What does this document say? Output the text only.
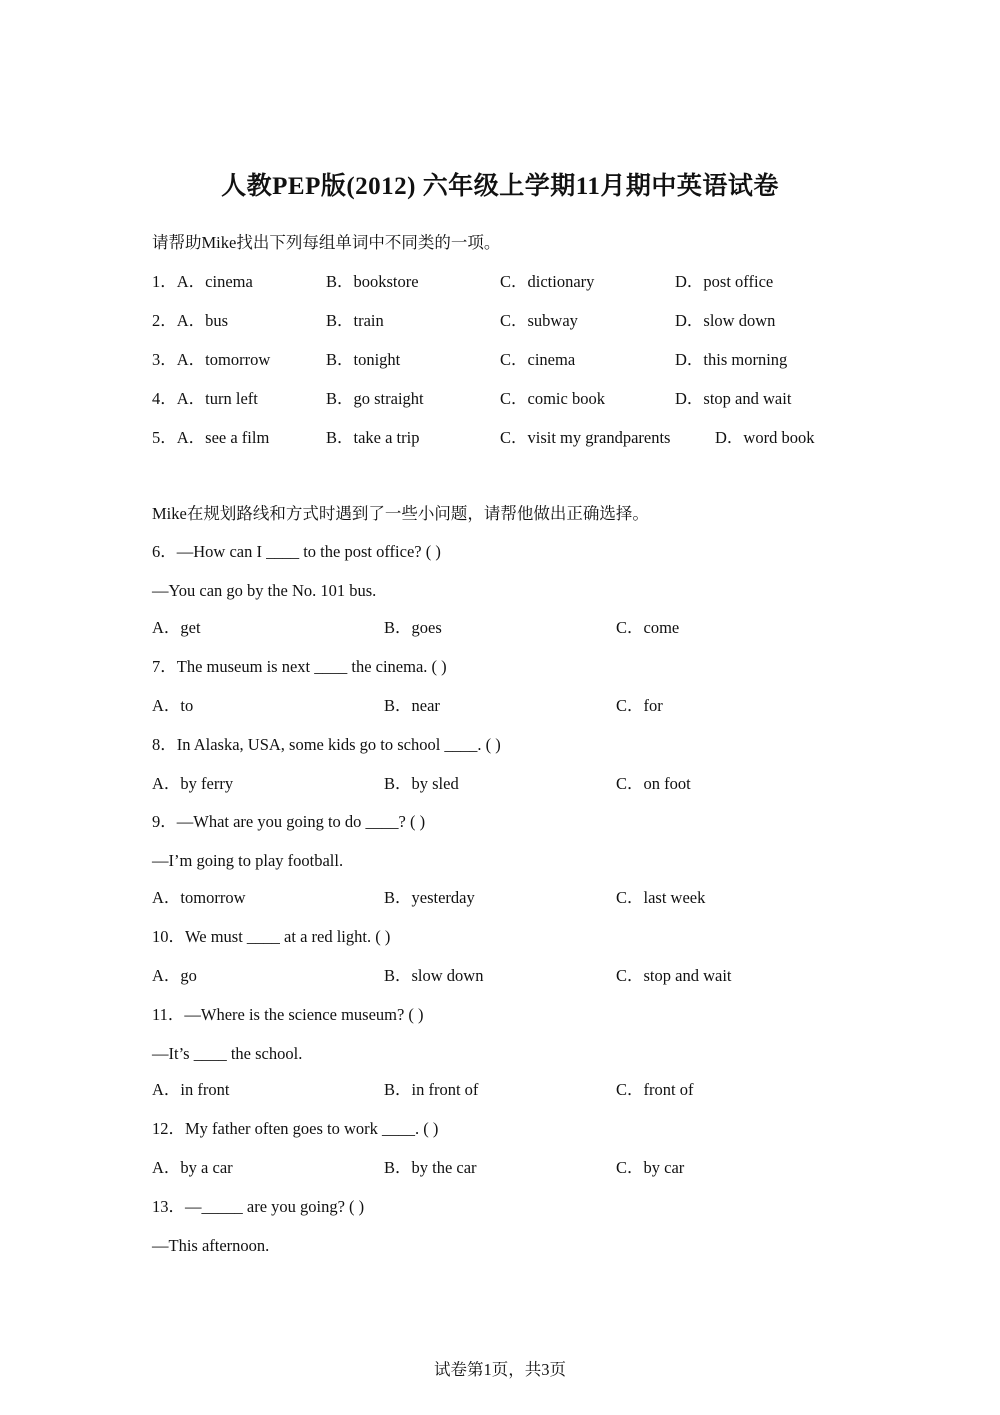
人教PEP版(2012) 六年级上学期11月期中英语试卷
请帮助Mike找出下列每组单词中不同类的一项。
1．A．cinema	B．bookstore	C．dictionary	D．post office
2．A．bus	B．train	C．subway	D．slow down
3．A．tomorrow	B．tonight	C．cinema	D．this morning
4．A．turn left	B．go straight	C．comic book	D．stop and wait
5．A．see a film	B．take a trip	C．visit my grandparents	D．word book
Mike在规划路线和方式时遇到了一些小问题，请帮他做出正确选择。
6．—How can I ____ to the post office? ( )
—You can go by the No. 101 bus.
A．get	B．goes	C．come
7．The museum is next ____ the cinema. ( )
A．to	B．near	C．for
8．In Alaska, USA, some kids go to school ____. ( )
A．by ferry	B．by sled	C．on foot
9．—What are you going to do ____? ( )
—I’m going to play football.
A．tomorrow	B．yesterday	C．last week
10．We must ____ at a red light. ( )
A．go	B．slow down	C．stop and wait
11．—Where is the science museum? ( )
—It’s ____ the school.
A．in front	B．in front of	C．front of
12．My father often goes to work ____. ( )
A．by a car	B．by the car	C．by car
13．—_____ are you going? ( )
—This afternoon.
试卷第1页，共3页
